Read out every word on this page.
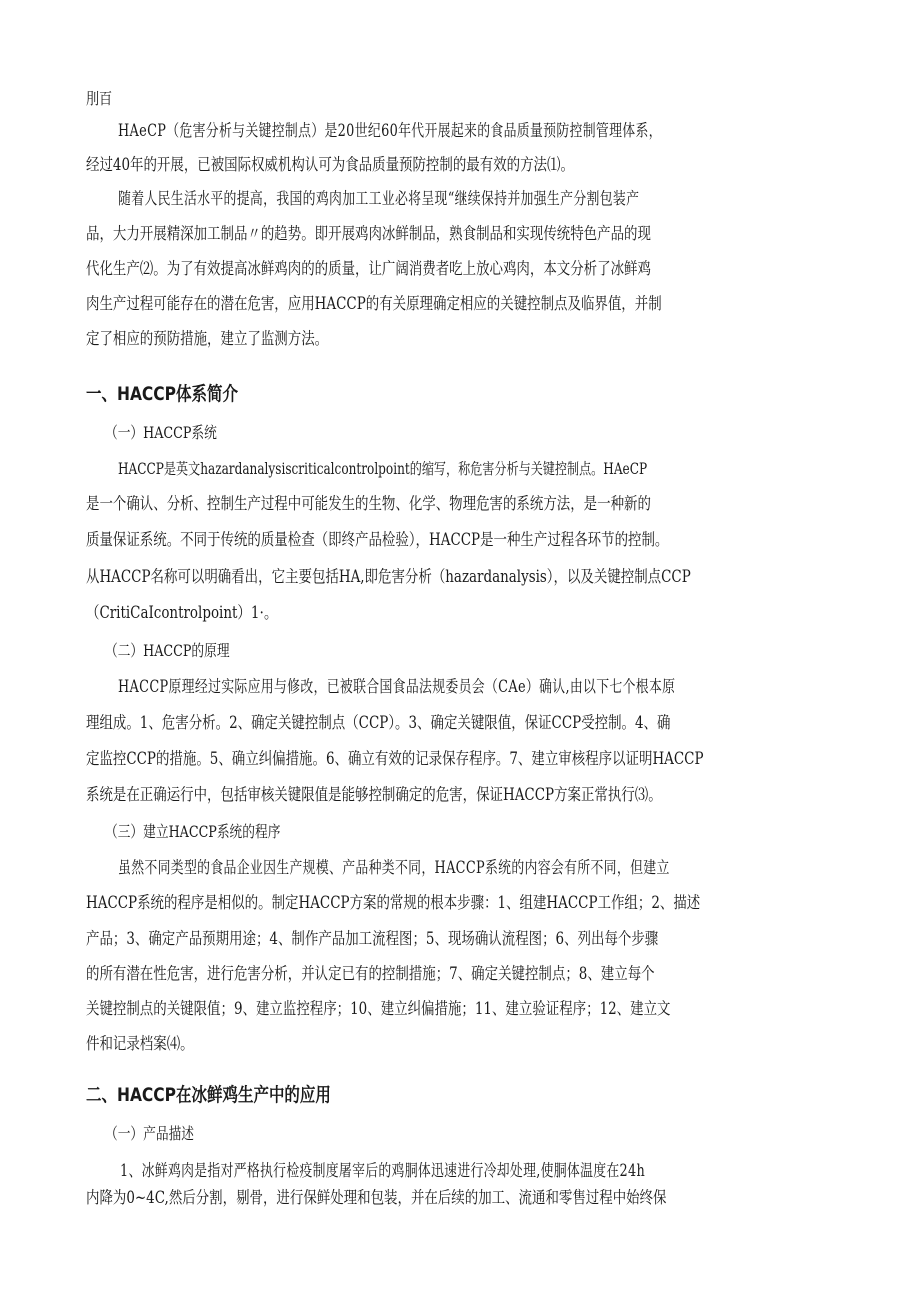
刖百
HAeCP（危害分析与关键控制点）是20世纪60年代开展起来的食品质量预防控制管理体系，
经过40年的开展，已被国际权威机构认可为食品质量预防控制的最有效的方法⑴。
随着人民生活水平的提高，我国的鸡肉加工工业必将呈现“继续保持并加强生产分割包装产
品，大力开展精深加工制品〃的趋势。即开展鸡肉冰鲜制品，熟食制品和实现传统特色产品的现
代化生产⑵。为了有效提高冰鲜鸡肉的的质量，让广阔消费者吃上放心鸡肉，本文分析了冰鲜鸡
肉生产过程可能存在的潜在危害，应用HACCP的有关原理确定相应的关键控制点及临界值，并制
定了相应的预防措施，建立了监测方法。
一、HACCP体系简介
（一）HACCP系统
HACCP是英文hazardanalysiscriticalcontrolpoint的缩写，称危害分析与关键控制点。HAeCP
是一个确认、分析、控制生产过程中可能发生的生物、化学、物理危害的系统方法，是一种新的
质量保证系统。不同于传统的质量检查（即终产品检验），HACCP是一种生产过程各环节的控制。
从HACCP名称可以明确看出，它主要包括HA,即危害分析（hazardanalysis），以及关键控制点CCP
（CritiCaIcontrolpoint）1⋅。
（二）HACCP的原理
HACCP原理经过实际应用与修改，已被联合国食品法规委员会（CAe）确认,由以下七个根本原
理组成。1、危害分析。2、确定关键控制点（CCP）。3、确定关键限值，保证CCP受控制。4、确
定监控CCP的措施。5、确立纠偏措施。6、确立有效的记录保存程序。7、建立审核程序以证明HACCP
系统是在正确运行中，包括审核关键限值是能够控制确定的危害，保证HACCP方案正常执行⑶。
（三）建立HACCP系统的程序
虽然不同类型的食品企业因生产规模、产品种类不同，HACCP系统的内容会有所不同，但建立
HACCP系统的程序是相似的。制定HACCP方案的常规的根本步骤：1、组建HACCP工作组；2、描述
产品；3、确定产品预期用途；4、制作产品加工流程图；5、现场确认流程图；6、列出每个步骤
的所有潜在性危害，进行危害分析，并认定已有的控制措施；7、确定关键控制点；8、建立每个
关键控制点的关键限值；9、建立监控程序；10、建立纠偏措施；11、建立验证程序；12、建立文
件和记录档案⑷。
二、HACCP在冰鲜鸡生产中的应用
（一）产品描述
1、冰鲜鸡肉是指对严格执行检疫制度屠宰后的鸡胴体迅速进行冷却处理,使胴体温度在24h
内降为0~4C,然后分割，剔骨，进行保鲜处理和包装，并在后续的加工、流通和零售过程中始终保
